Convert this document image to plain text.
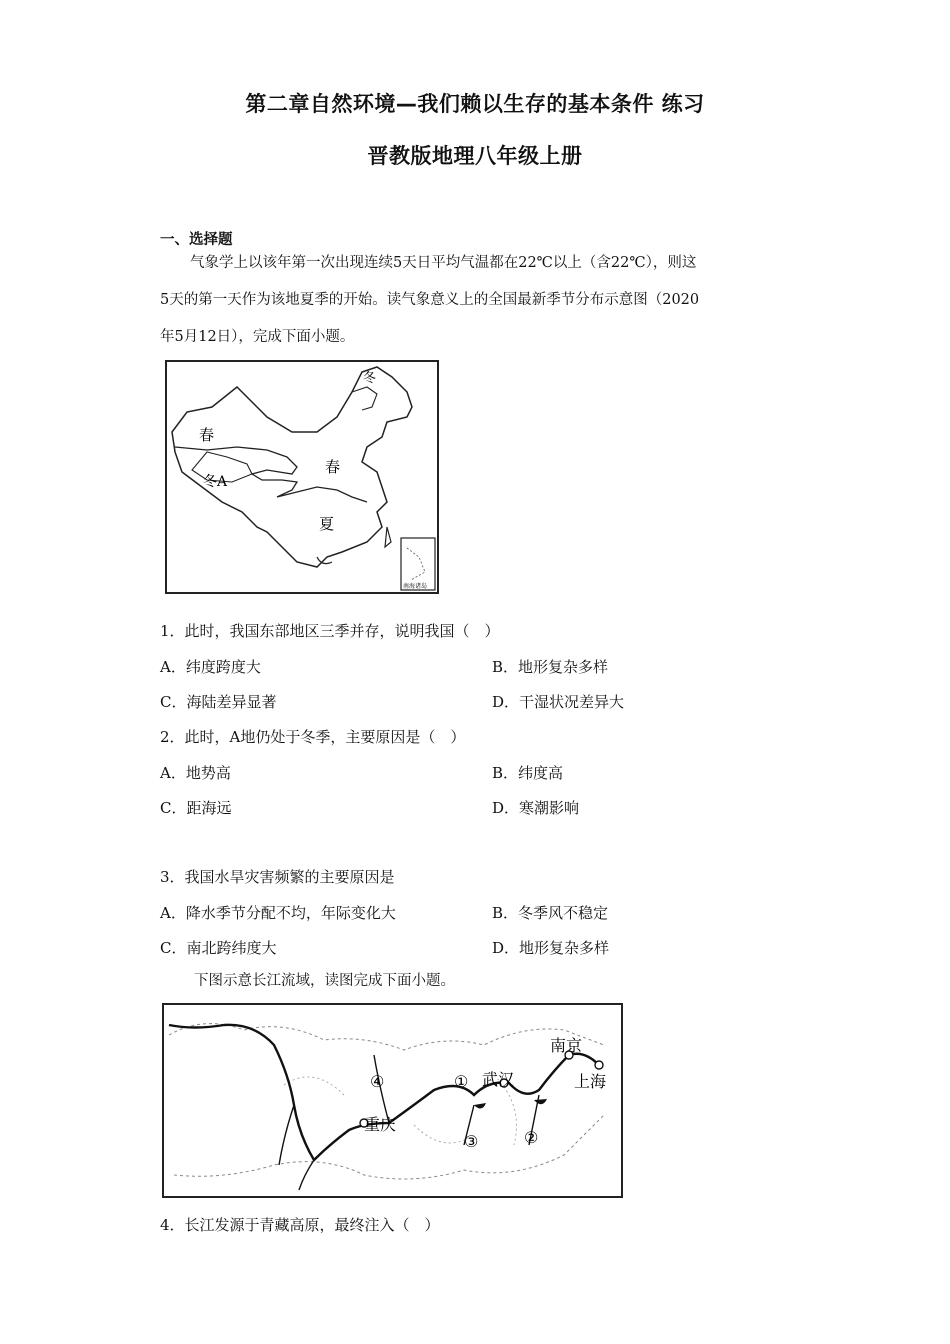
第二章自然环境—我们赖以生存的基本条件 练习
晋教版地理八年级上册
一、选择题
气象学上以该年第一次出现连续5天日平均气温都在22℃以上（含22℃），则这
5天的第一天作为该地夏季的开始。读气象意义上的全国最新季节分布示意图（2020
年5月12日），完成下面小题。
冬
春
冬A
春
夏
南海诸岛
1．此时，我国东部地区三季并存，说明我国（　）
A．纬度跨度大	B．地形复杂多样
C．海陆差异显著	D．干湿状况差异大
2．此时，A地仍处于冬季，主要原因是（　）
A．地势高	B．纬度高
C．距海远	D．寒潮影响
3．我国水旱灾害频繁的主要原因是
A．降水季节分配不均，年际变化大	B．冬季风不稳定
C．南北跨纬度大	D．地形复杂多样
下图示意长江流域，读图完成下面小题。
南京
上海
武汉
重庆
①
②
③
④
4．长江发源于青藏高原，最终注入（　）
